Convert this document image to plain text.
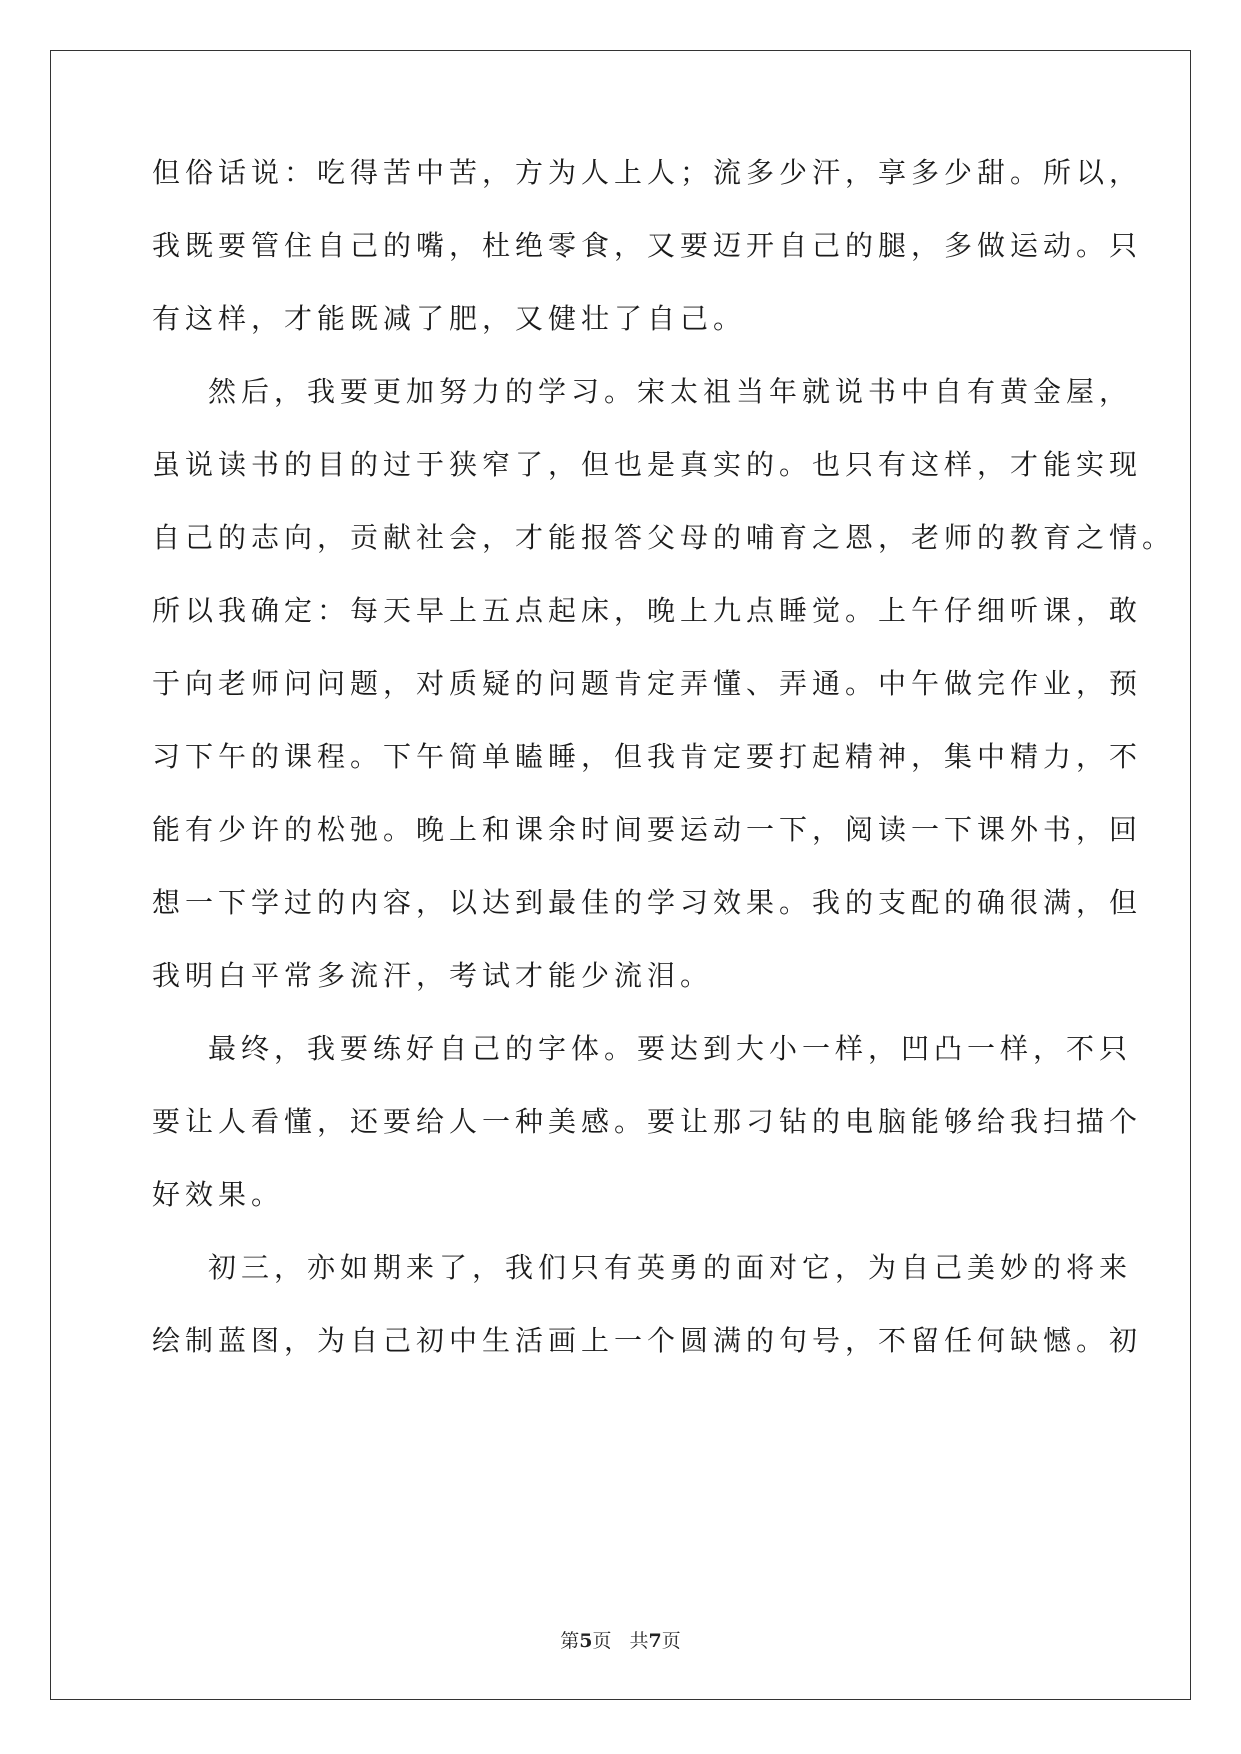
但俗话说：吃得苦中苦，方为人上人；流多少汗，享多少甜。所以，
我既要管住自己的嘴，杜绝零食，又要迈开自己的腿，多做运动。只
有这样，才能既减了肥，又健壮了自己。
然后，我要更加努力的学习。宋太祖当年就说书中自有黄金屋，
虽说读书的目的过于狭窄了，但也是真实的。也只有这样，才能实现
自己的志向，贡献社会，才能报答父母的哺育之恩，老师的教育之情。
所以我确定：每天早上五点起床，晚上九点睡觉。上午仔细听课，敢
于向老师问问题，对质疑的问题肯定弄懂、弄通。中午做完作业，预
习下午的课程。下午简单瞌睡，但我肯定要打起精神，集中精力，不
能有少许的松弛。晚上和课余时间要运动一下，阅读一下课外书，回
想一下学过的内容，以达到最佳的学习效果。我的支配的确很满，但
我明白平常多流汗，考试才能少流泪。
最终，我要练好自己的字体。要达到大小一样，凹凸一样，不只
要让人看懂，还要给人一种美感。要让那刁钻的电脑能够给我扫描个
好效果。
初三，亦如期来了，我们只有英勇的面对它，为自己美妙的将来
绘制蓝图，为自己初中生活画上一个圆满的句号，不留任何缺憾。初
第5页 共7页
